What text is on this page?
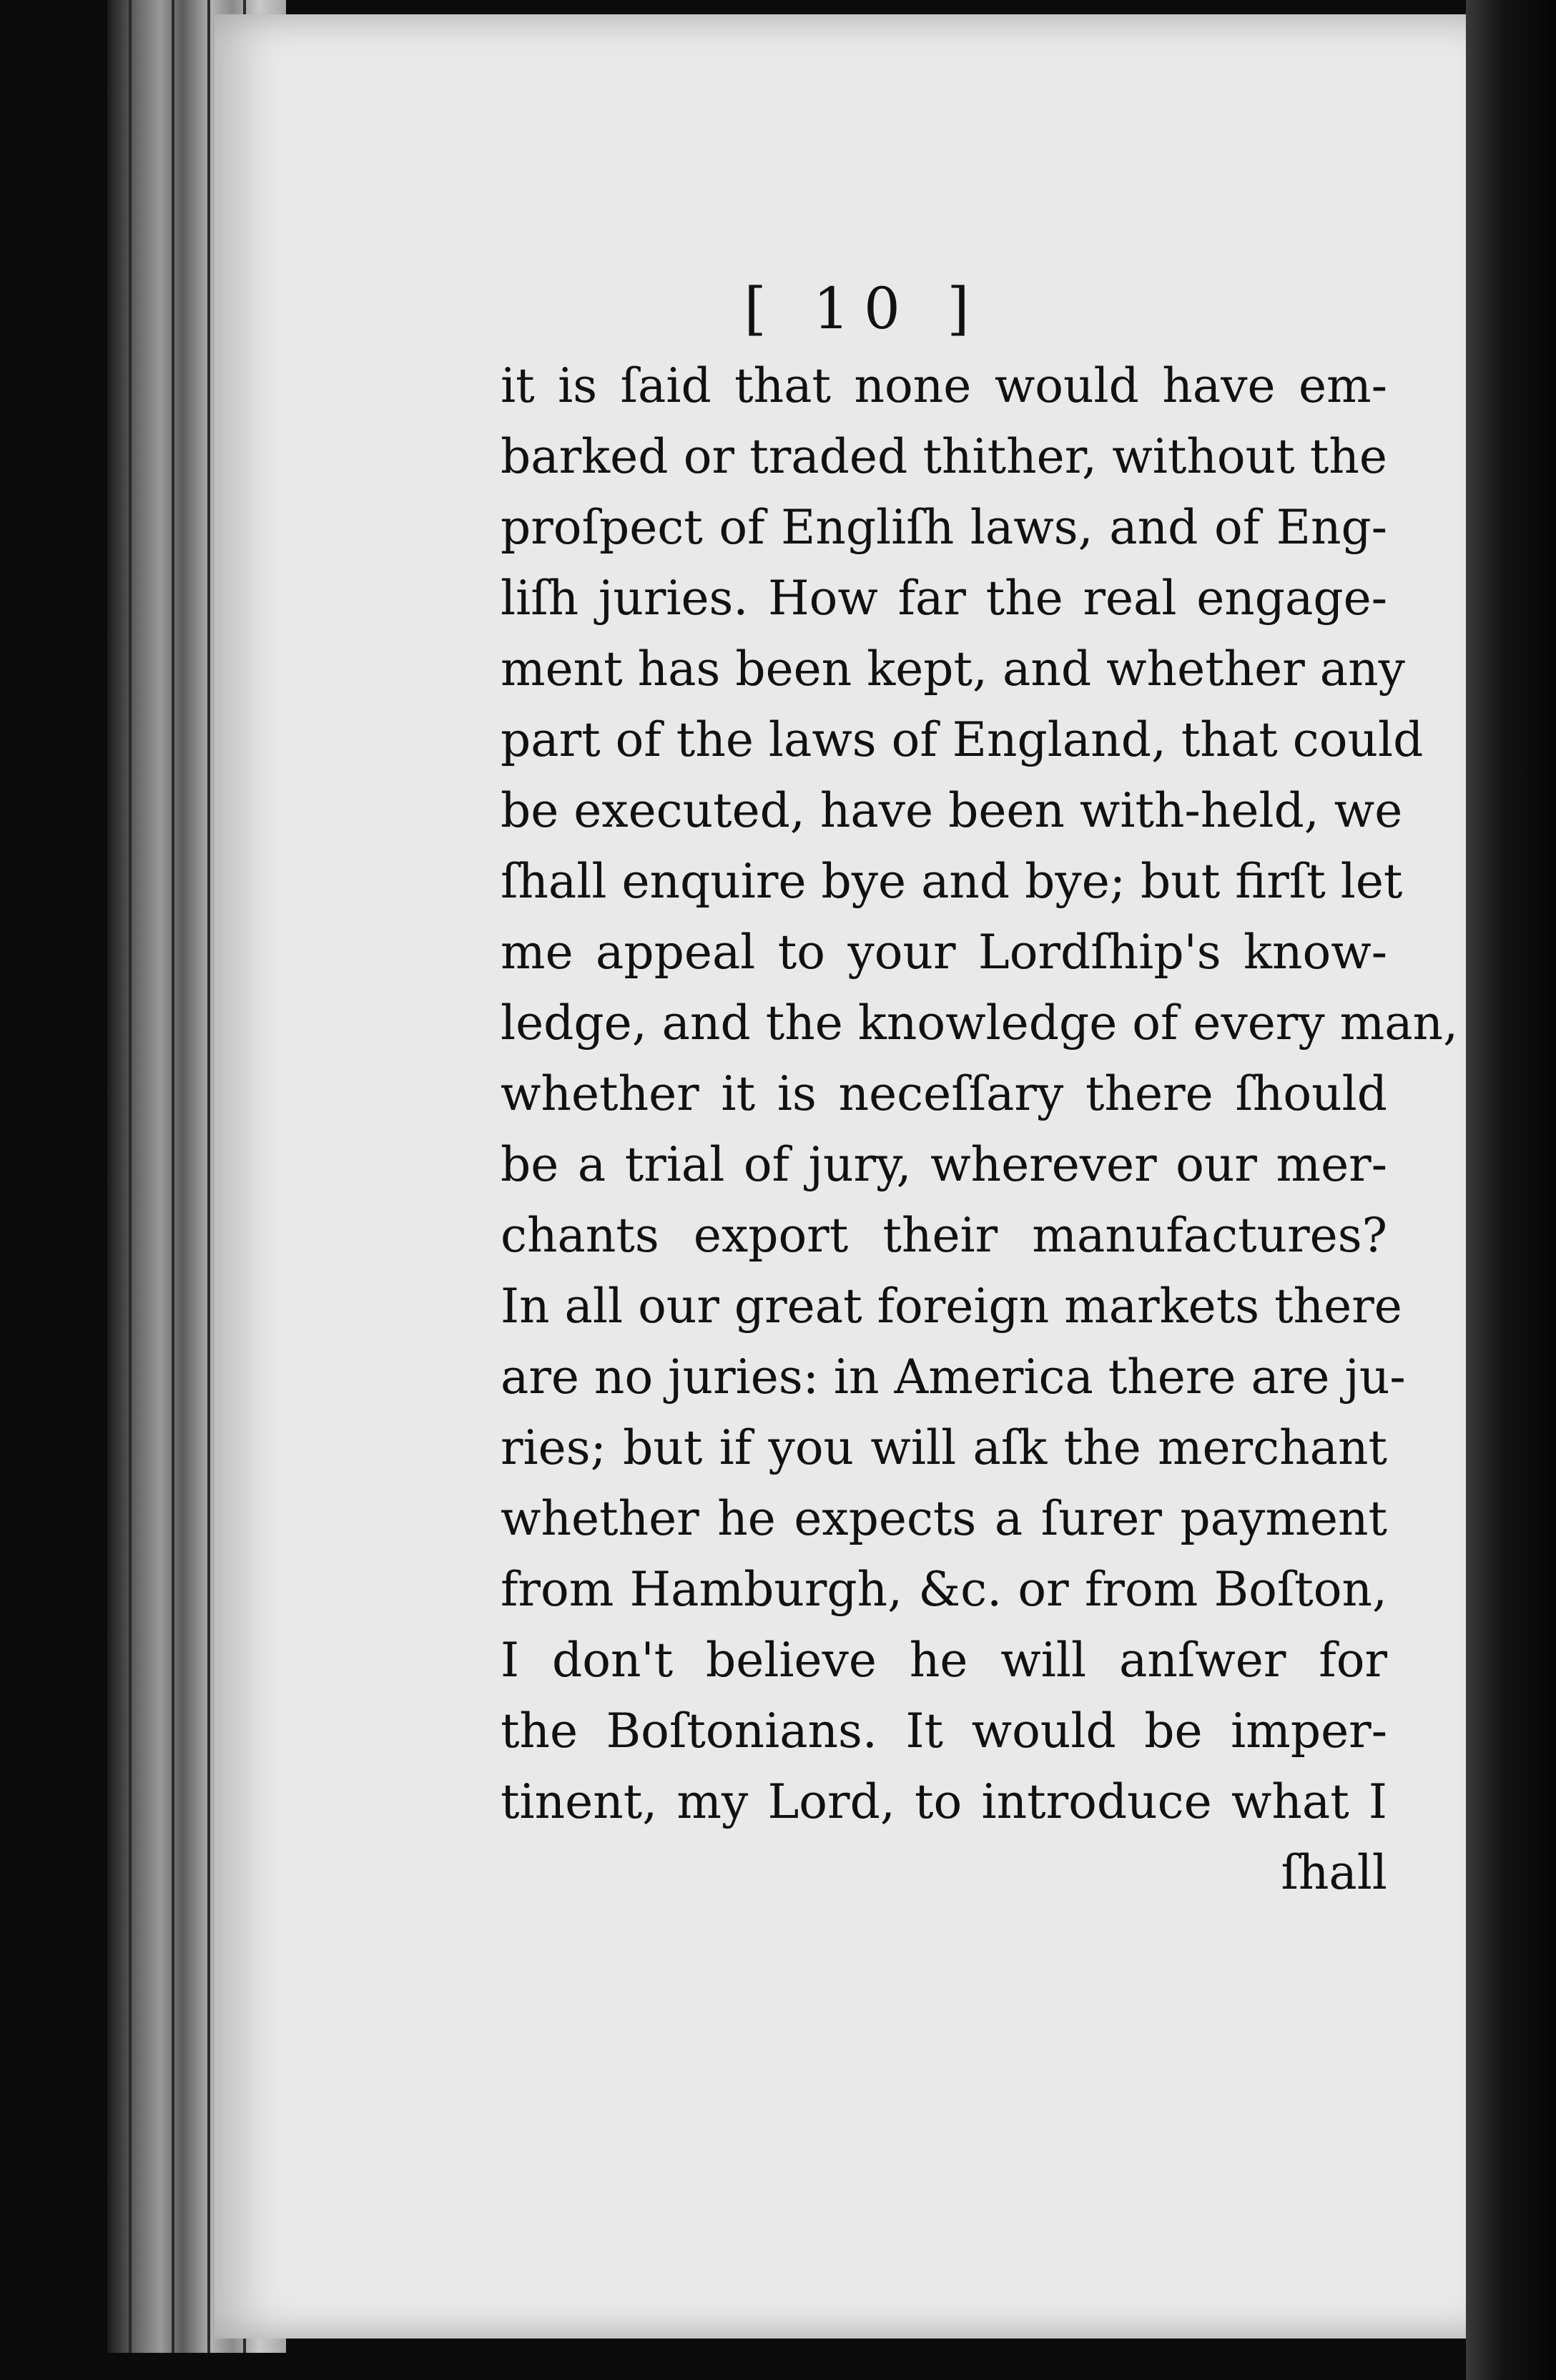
[ 10 ]
it is ſaid that none would have em-
barked or traded thither, without the
proſpect of Engliſh laws, and of Eng-
liſh juries. How far the real engage-
ment has been kept, and whether any
part of the laws of England, that could
be executed, have been with-held, we
ſhall enquire bye and bye; but firſt let
me appeal to your Lordſhip's know-
ledge, and the knowledge of every man,
whether it is neceſſary there ſhould
be a trial of jury, wherever our mer-
chants export their manufactures?
In all our great foreign markets there
are no juries: in America there are ju-
ries; but if you will aſk the merchant
whether he expects a ſurer payment
from Hamburgh, &c. or from Boſton,
I don't believe he will anſwer for
the Boſtonians. It would be imper-
tinent, my Lord, to introduce what I
ſhall
